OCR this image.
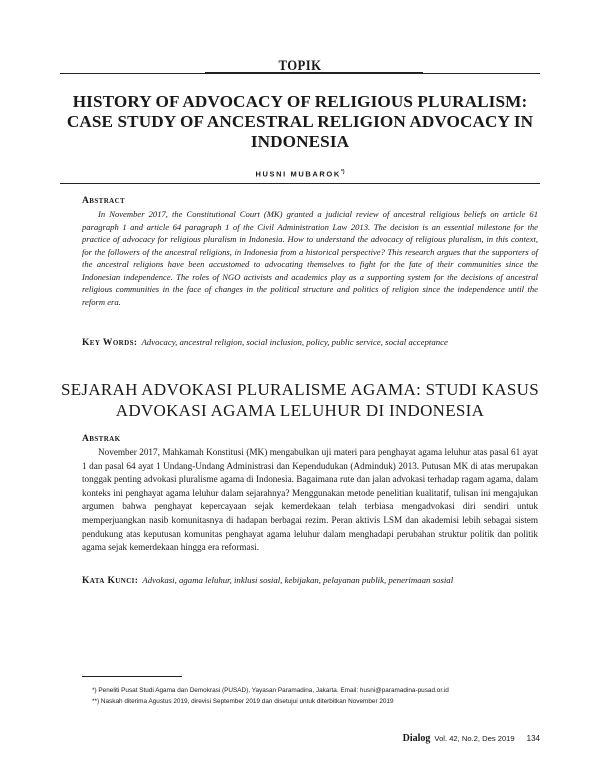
TOPIK
HISTORY OF ADVOCACY OF RELIGIOUS PLURALISM: CASE STUDY OF ANCESTRAL RELIGION ADVOCACY IN INDONESIA
HUSNI MUBAROK*)
Abstract
In November 2017, the Constitutional Court (MK) granted a judicial review of ancestral religious beliefs on article 61 paragraph 1 and article 64 paragraph 1 of the Civil Administration Law 2013. The decision is an essential milestone for the practice of advocacy for religious pluralism in Indonesia. How to understand the advocacy of religious pluralism, in this context, for the followers of the ancestral religions, in Indonesia from a historical perspective? This research argues that the supporters of the ancestral religions have been accustomed to advocating themselves to fight for the fate of their communities since the Indonesian independence. The roles of NGO activists and academics play as a supporting system for the decisions of ancestral religious communities in the face of changes in the political structure and politics of religion since the independence until the reform era.
Key Words: Advocacy, ancestral religion, social inclusion, policy, public service, social acceptance
SEJARAH ADVOKASI PLURALISME AGAMA: STUDI KASUS ADVOKASI AGAMA LELUHUR DI INDONESIA
Abstrak
November 2017, Mahkamah Konstitusi (MK) mengabulkan uji materi para penghayat agama leluhur atas pasal 61 ayat 1 dan pasal 64 ayat 1 Undang-Undang Administrasi dan Kependudukan (Adminduk) 2013. Putusan MK di atas merupakan tonggak penting advokasi pluralisme agama di Indonesia. Bagaimana rute dan jalan advokasi terhadap ragam agama, dalam konteks ini penghayat agama leluhur dalam sejarahnya? Menggunakan metode penelitian kualitatif, tulisan ini mengajukan argumen bahwa penghayat kepercayaan sejak kemerdekaan telah terbiasa mengadvokasi diri sendiri untuk memperjuangkan nasib komunitasnya di hadapan berbagai rezim. Peran aktivis LSM dan akademisi lebih sebagai sistem pendukung atas keputusan komunitas penghayat agama leluhur dalam menghadapi perubahan struktur politik dan politik agama sejak kemerdekaan hingga era reformasi.
Kata Kunci: Advokasi, agama leluhur, inklusi sosial, kebijakan, pelayanan publik, penerimaan sosial
*) Peneliti Pusat Studi Agama dan Demokrasi (PUSAD), Yayasan Paramadina, Jakarta. Email: husni@paramadina-pusad.or.id
**) Naskah diterima Agustus 2019, direvisi September 2019 dan disetujui untuk diterbitkan November 2019
Dialog Vol. 42, No.2, Des 2019 134
